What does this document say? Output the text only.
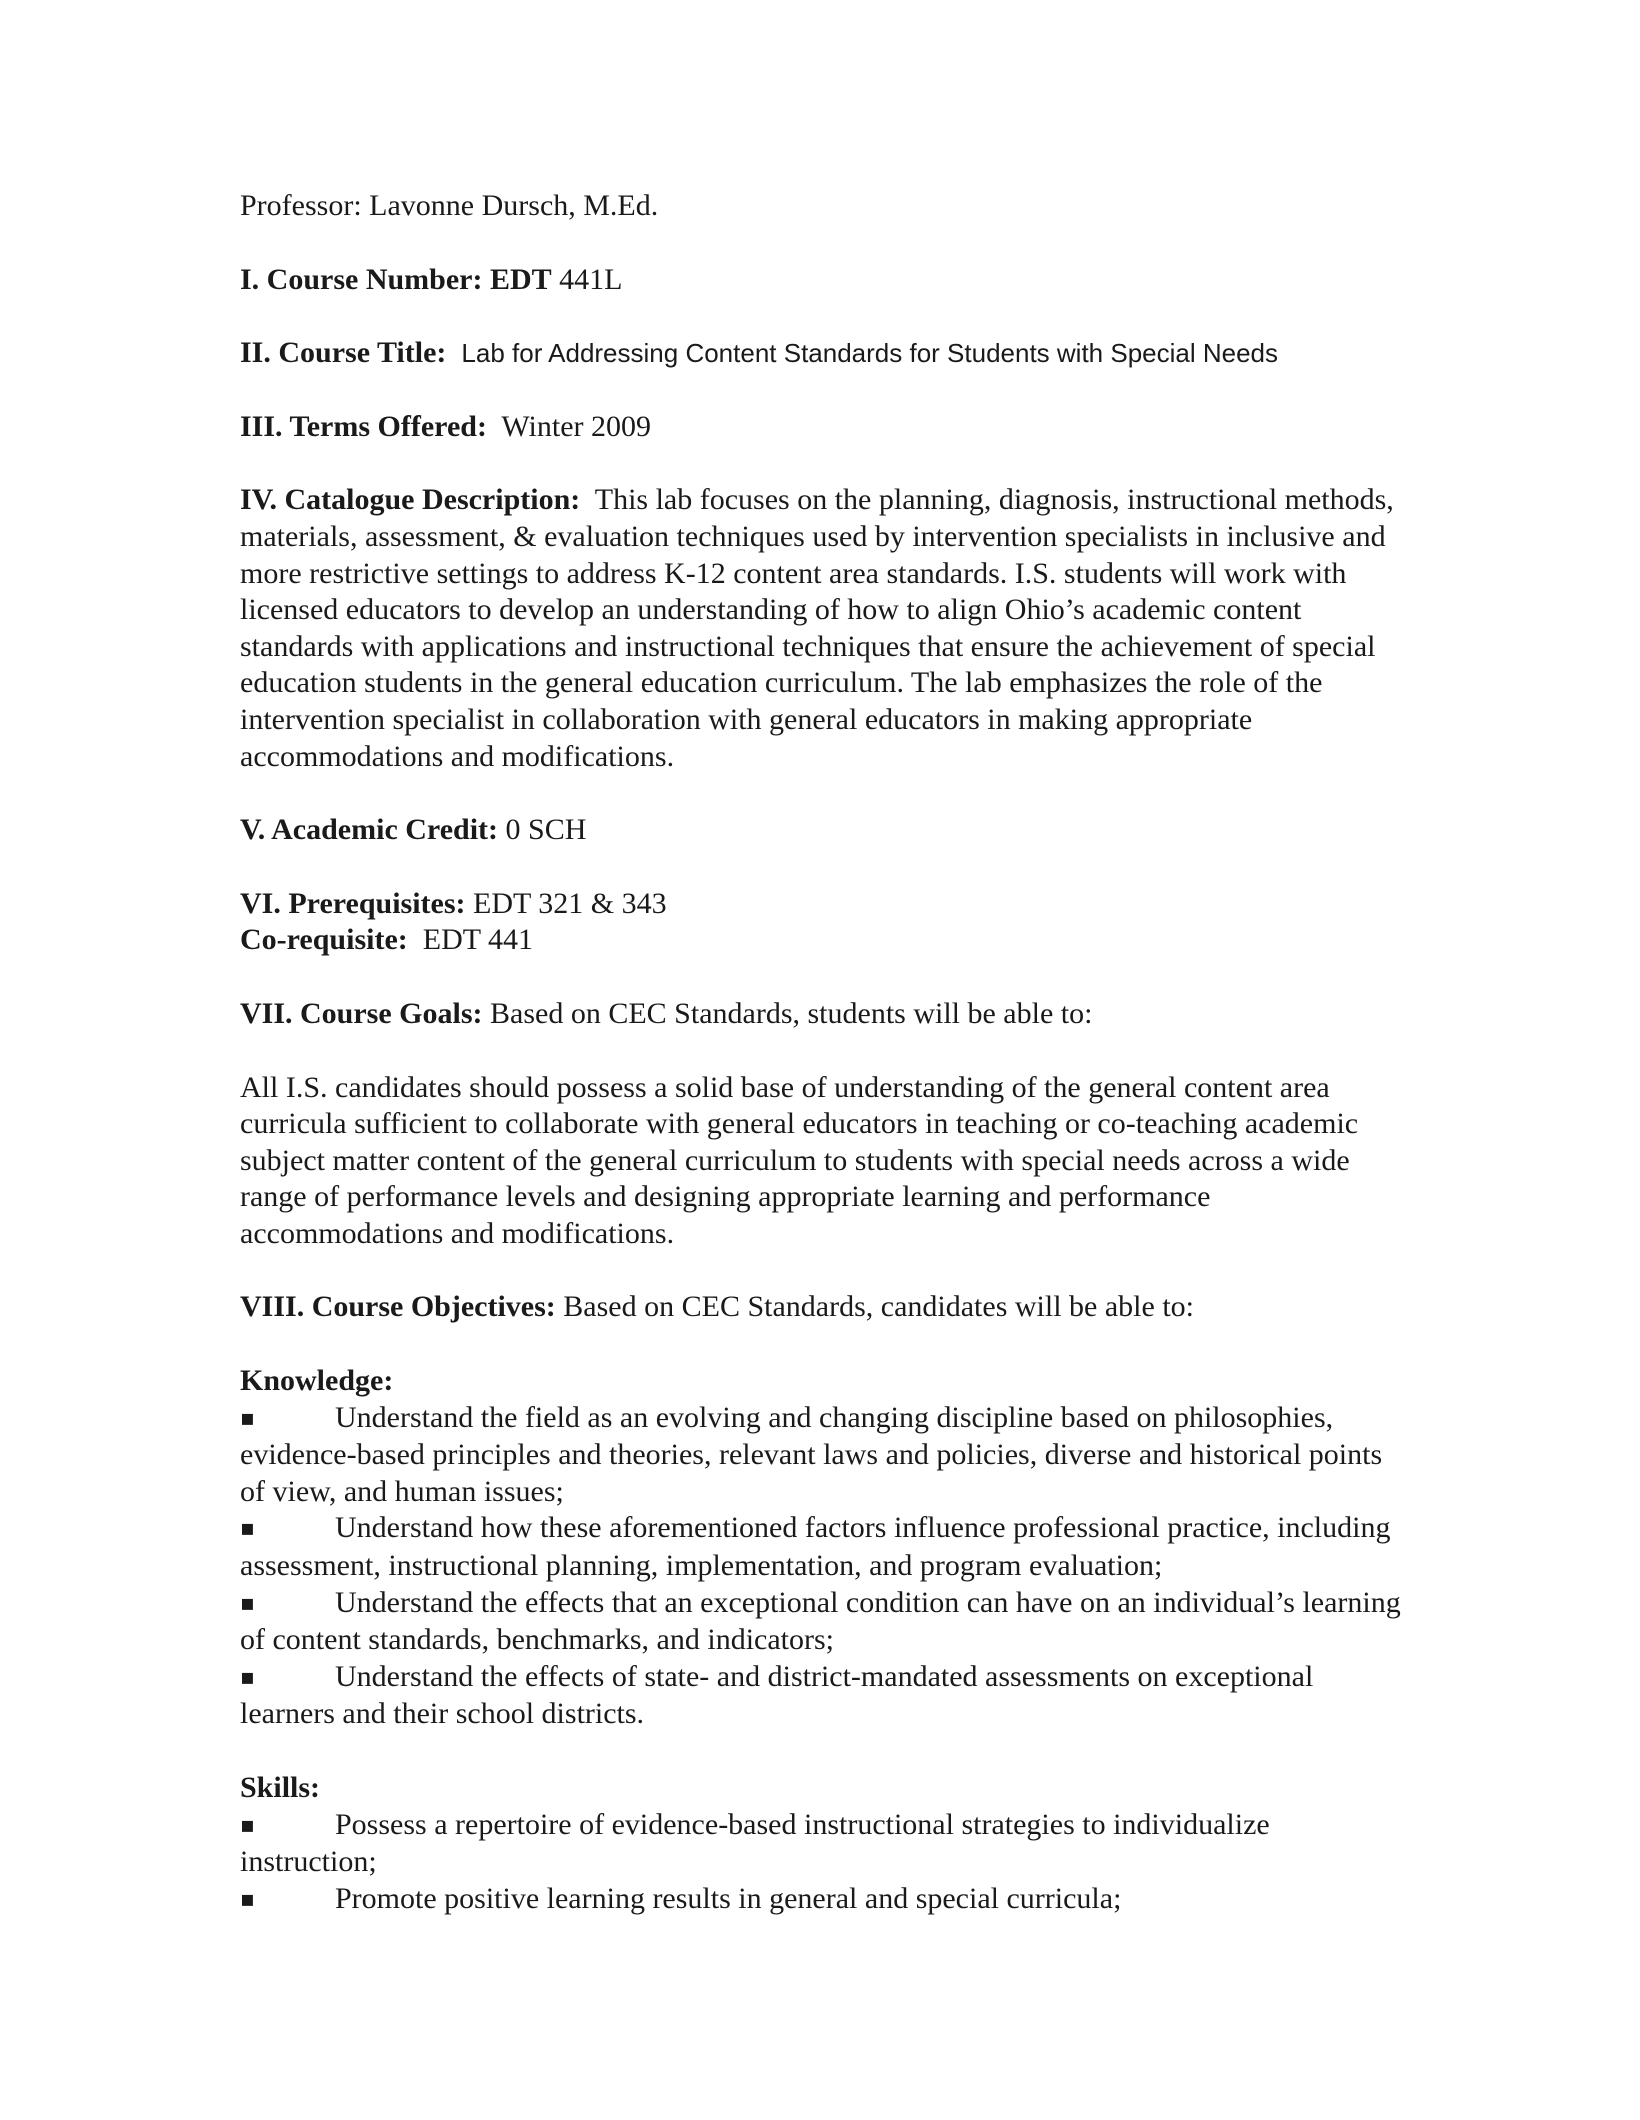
Professor: Lavonne Dursch, M.Ed.

I. Course Number: EDT 441L

II. Course Title: Lab for Addressing Content Standards for Students with Special Needs

III. Terms Offered: Winter 2009

IV. Catalogue Description: This lab focuses on the planning, diagnosis, instructional methods, materials, assessment, & evaluation techniques used by intervention specialists in inclusive and more restrictive settings to address K-12 content area standards. I.S. students will work with licensed educators to develop an understanding of how to align Ohio’s academic content standards with applications and instructional techniques that ensure the achievement of special education students in the general education curriculum. The lab emphasizes the role of the intervention specialist in collaboration with general educators in making appropriate accommodations and modifications.

V. Academic Credit: 0 SCH

VI. Prerequisites: EDT 321 & 343

Co-requisite: EDT 441

VII. Course Goals: Based on CEC Standards, students will be able to:

All I.S. candidates should possess a solid base of understanding of the general content area curricula sufficient to collaborate with general educators in teaching or co-teaching academic subject matter content of the general curriculum to students with special needs across a wide range of performance levels and designing appropriate learning and performance accommodations and modifications.

VIII. Course Objectives: Based on CEC Standards, candidates will be able to:

Knowledge:

▪	Understand the field as an evolving and changing discipline based on philosophies, evidence-based principles and theories, relevant laws and policies, diverse and historical points of view, and human issues;

▪	Understand how these aforementioned factors influence professional practice, including assessment, instructional planning, implementation, and program evaluation;

▪	Understand the effects that an exceptional condition can have on an individual’s learning of content standards, benchmarks, and indicators;

▪	Understand the effects of state- and district-mandated assessments on exceptional learners and their school districts.

Skills:

▪	Possess a repertoire of evidence-based instructional strategies to individualize instruction;

▪	Promote positive learning results in general and special curricula;
